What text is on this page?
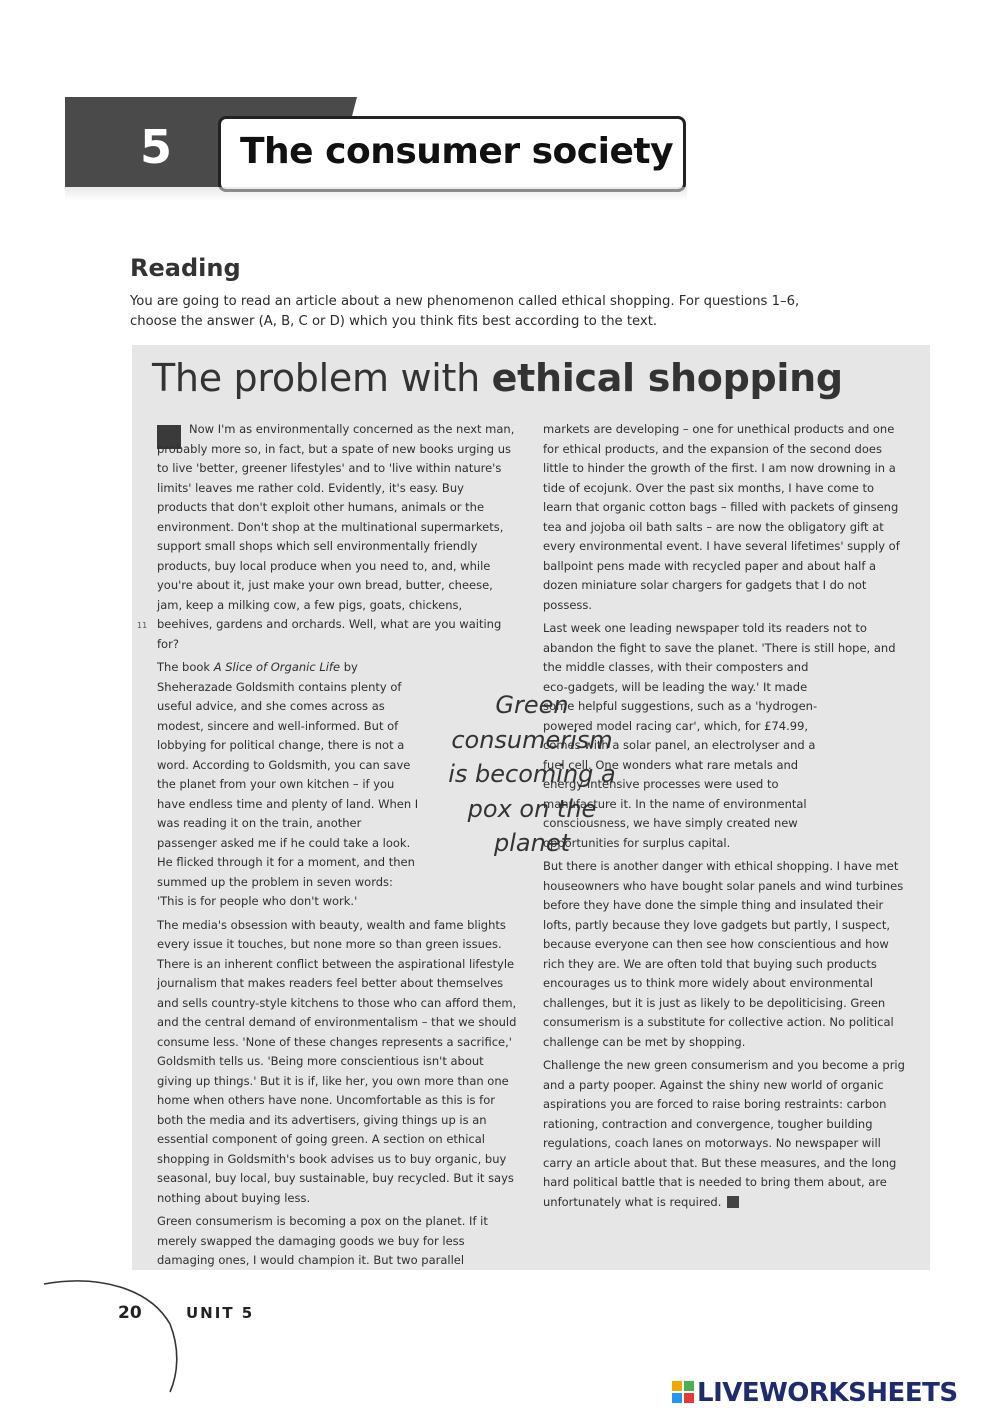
5 The consumer society
Reading
You are going to read an article about a new phenomenon called ethical shopping. For questions 1–6, choose the answer (A, B, C or D) which you think fits best according to the text.
The problem with ethical shopping
11

Now I'm as environmentally concerned as the next man, probably more so, in fact, but a spate of new books urging us to live 'better, greener lifestyles' and to 'live within nature's limits' leaves me rather cold. Evidently, it's easy. Buy products that don't exploit other humans, animals or the environment. Don't shop at the multinational supermarkets, support small shops which sell environmentally friendly products, buy local produce when you need to, and, while you're about it, just make your own bread, butter, cheese, jam, keep a milking cow, a few pigs, goats, chickens, beehives, gardens and orchards. Well, what are you waiting for?

The book A Slice of Organic Life by Sheherazade Goldsmith contains plenty of useful advice, and she comes across as modest, sincere and well-informed. But of lobbying for political change, there is not a word. According to Goldsmith, you can save the planet from your own kitchen – if you have endless time and plenty of land. When I was reading it on the train, another passenger asked me if he could take a look. He flicked through it for a moment, and then summed up the problem in seven words: 'This is for people who don't work.'

The media's obsession with beauty, wealth and fame blights every issue it touches, but none more so than green issues. There is an inherent conflict between the aspirational lifestyle journalism that makes readers feel better about themselves and sells country-style kitchens to those who can afford them, and the central demand of environmentalism – that we should consume less. 'None of these changes represents a sacrifice,' Goldsmith tells us. 'Being more conscientious isn't about giving up things.' But it is if, like her, you own more than one home when others have none. Uncomfortable as this is for both the media and its advertisers, giving things up is an essential component of going green. A section on ethical shopping in Goldsmith's book advises us to buy organic, buy seasonal, buy local, buy sustainable, buy recycled. But it says nothing about buying less.

Green consumerism is becoming a pox on the planet. If it merely swapped the damaging goods we buy for less damaging ones, I would champion it. But two parallel

Green consumerism is becoming a pox on the planet

markets are developing – one for unethical products and one for ethical products, and the expansion of the second does little to hinder the growth of the first. I am now drowning in a tide of ecojunk. Over the past six months, I have come to learn that organic cotton bags – filled with packets of ginseng tea and jojoba oil bath salts – are now the obligatory gift at every environmental event. I have several lifetimes' supply of ballpoint pens made with recycled paper and about half a dozen miniature solar chargers for gadgets that I do not possess.

Last week one leading newspaper told its readers not to abandon the fight to save the planet. 'There is still hope, and the middle classes, with their composters and

eco-gadgets, will be leading the way.' It made some helpful suggestions, such as a 'hydrogen-powered model racing car', which, for £74.99, comes with a solar panel, an electrolyser and a fuel cell. One wonders what rare metals and energy-intensive processes were used to manufacture it. In the name of environmental consciousness, we have simply created new opportunities for surplus capital.

But there is another danger with ethical shopping. I have met houseowners who have bought solar panels and wind turbines before they have done the simple thing and insulated their lofts, partly because they love gadgets but partly, I suspect, because everyone can then see how conscientious and how rich they are. We are often told that buying such products encourages us to think more widely about environmental challenges, but it is just as likely to be depoliticising. Green consumerism is a substitute for collective action. No political challenge can be met by shopping.

Challenge the new green consumerism and you become a prig and a party pooper. Against the shiny new world of organic aspirations you are forced to raise boring restraints: carbon rationing, contraction and convergence, tougher building regulations, coach lanes on motorways. No newspaper will carry an article about that. But these measures, and the long hard political battle that is needed to bring them about, are unfortunately what is required.

20	UNIT 5
LIVEWORKSHEETS
